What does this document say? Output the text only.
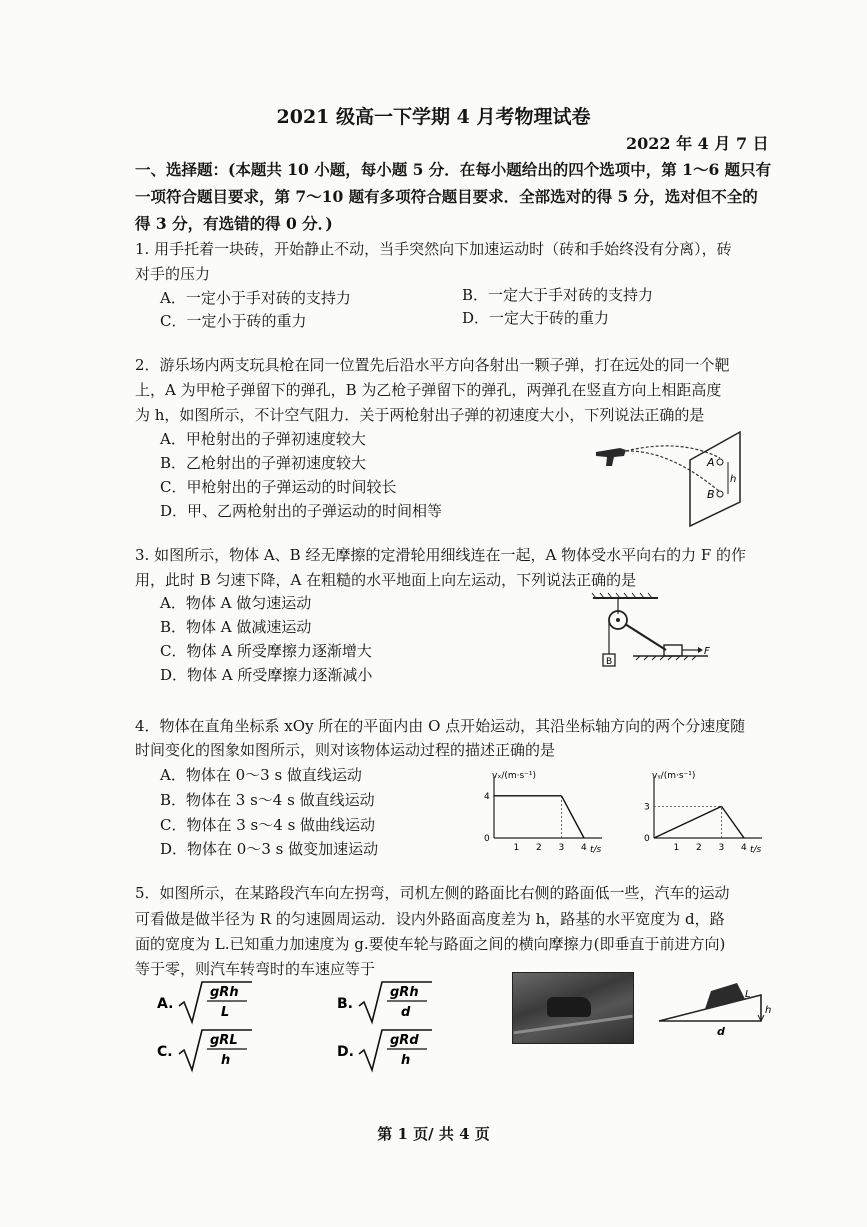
2021 级高一下学期 4 月考物理试卷
2022 年 4 月 7 日
一、选择题：(本题共 10 小题，每小题 5 分．在每小题给出的四个选项中，第 1～6 题只有
一项符合题目要求，第 7～10 题有多项符合题目要求．全部选对的得 5 分，选对但不全的
得 3 分，有选错的得 0 分．)
1. 用手托着一块砖，开始静止不动，当手突然向下加速运动时（砖和手始终没有分离），砖
对手的压力
A．一定小于手对砖的支持力	B．一定大于手对砖的支持力
C．一定小于砖的重力	D．一定大于砖的重力
2．游乐场内两支玩具枪在同一位置先后沿水平方向各射出一颗子弹，打在远处的同一个靶
上，A 为甲枪子弹留下的弹孔，B 为乙枪子弹留下的弹孔，两弹孔在竖直方向上相距高度
为 h，如图所示，不计空气阻力．关于两枪射出子弹的初速度大小，下列说法正确的是
A．甲枪射出的子弹初速度较大
B．乙枪射出的子弹初速度较大
C．甲枪射出的子弹运动的时间较长
D．甲、乙两枪射出的子弹运动的时间相等
A
B
h
3. 如图所示，物体 A、B 经无摩擦的定滑轮用细线连在一起，A 物体受水平向右的力 F 的作
用，此时 B 匀速下降，A 在粗糙的水平地面上向左运动，下列说法正确的是
A．物体 A 做匀速运动
B．物体 A 做减速运动
C．物体 A 所受摩擦力逐渐增大
D．物体 A 所受摩擦力逐渐减小
B
F
4．物体在直角坐标系 xOy 所在的平面内由 O 点开始运动，其沿坐标轴方向的两个分速度随
时间变化的图象如图所示，则对该物体运动过程的描述正确的是
A．物体在 0～3 s 做直线运动
B．物体在 3 s～4 s 做直线运动
C．物体在 3 s～4 s 做曲线运动
D．物体在 0～3 s 做变加速运动
vₓ/(m·s⁻¹)
t/s
1 2 3 4
0
4
vᵧ/(m·s⁻¹)
t/s
1 2 3 4
0
3
5．如图所示，在某路段汽车向左拐弯，司机左侧的路面比右侧的路面低一些，汽车的运动
可看做是做半径为 R 的匀速圆周运动．设内外路面高度差为 h，路基的水平宽度为 d，路
面的宽度为 L.已知重力加速度为 g.要使车轮与路面之间的横向摩擦力(即垂直于前进方向)
等于零，则汽车转弯时的车速应等于
A.
gRh
L
B.
gRh
d
C.
gRL
h
D.
gRd
h
L
d
h
第 1 页/ 共 4 页
